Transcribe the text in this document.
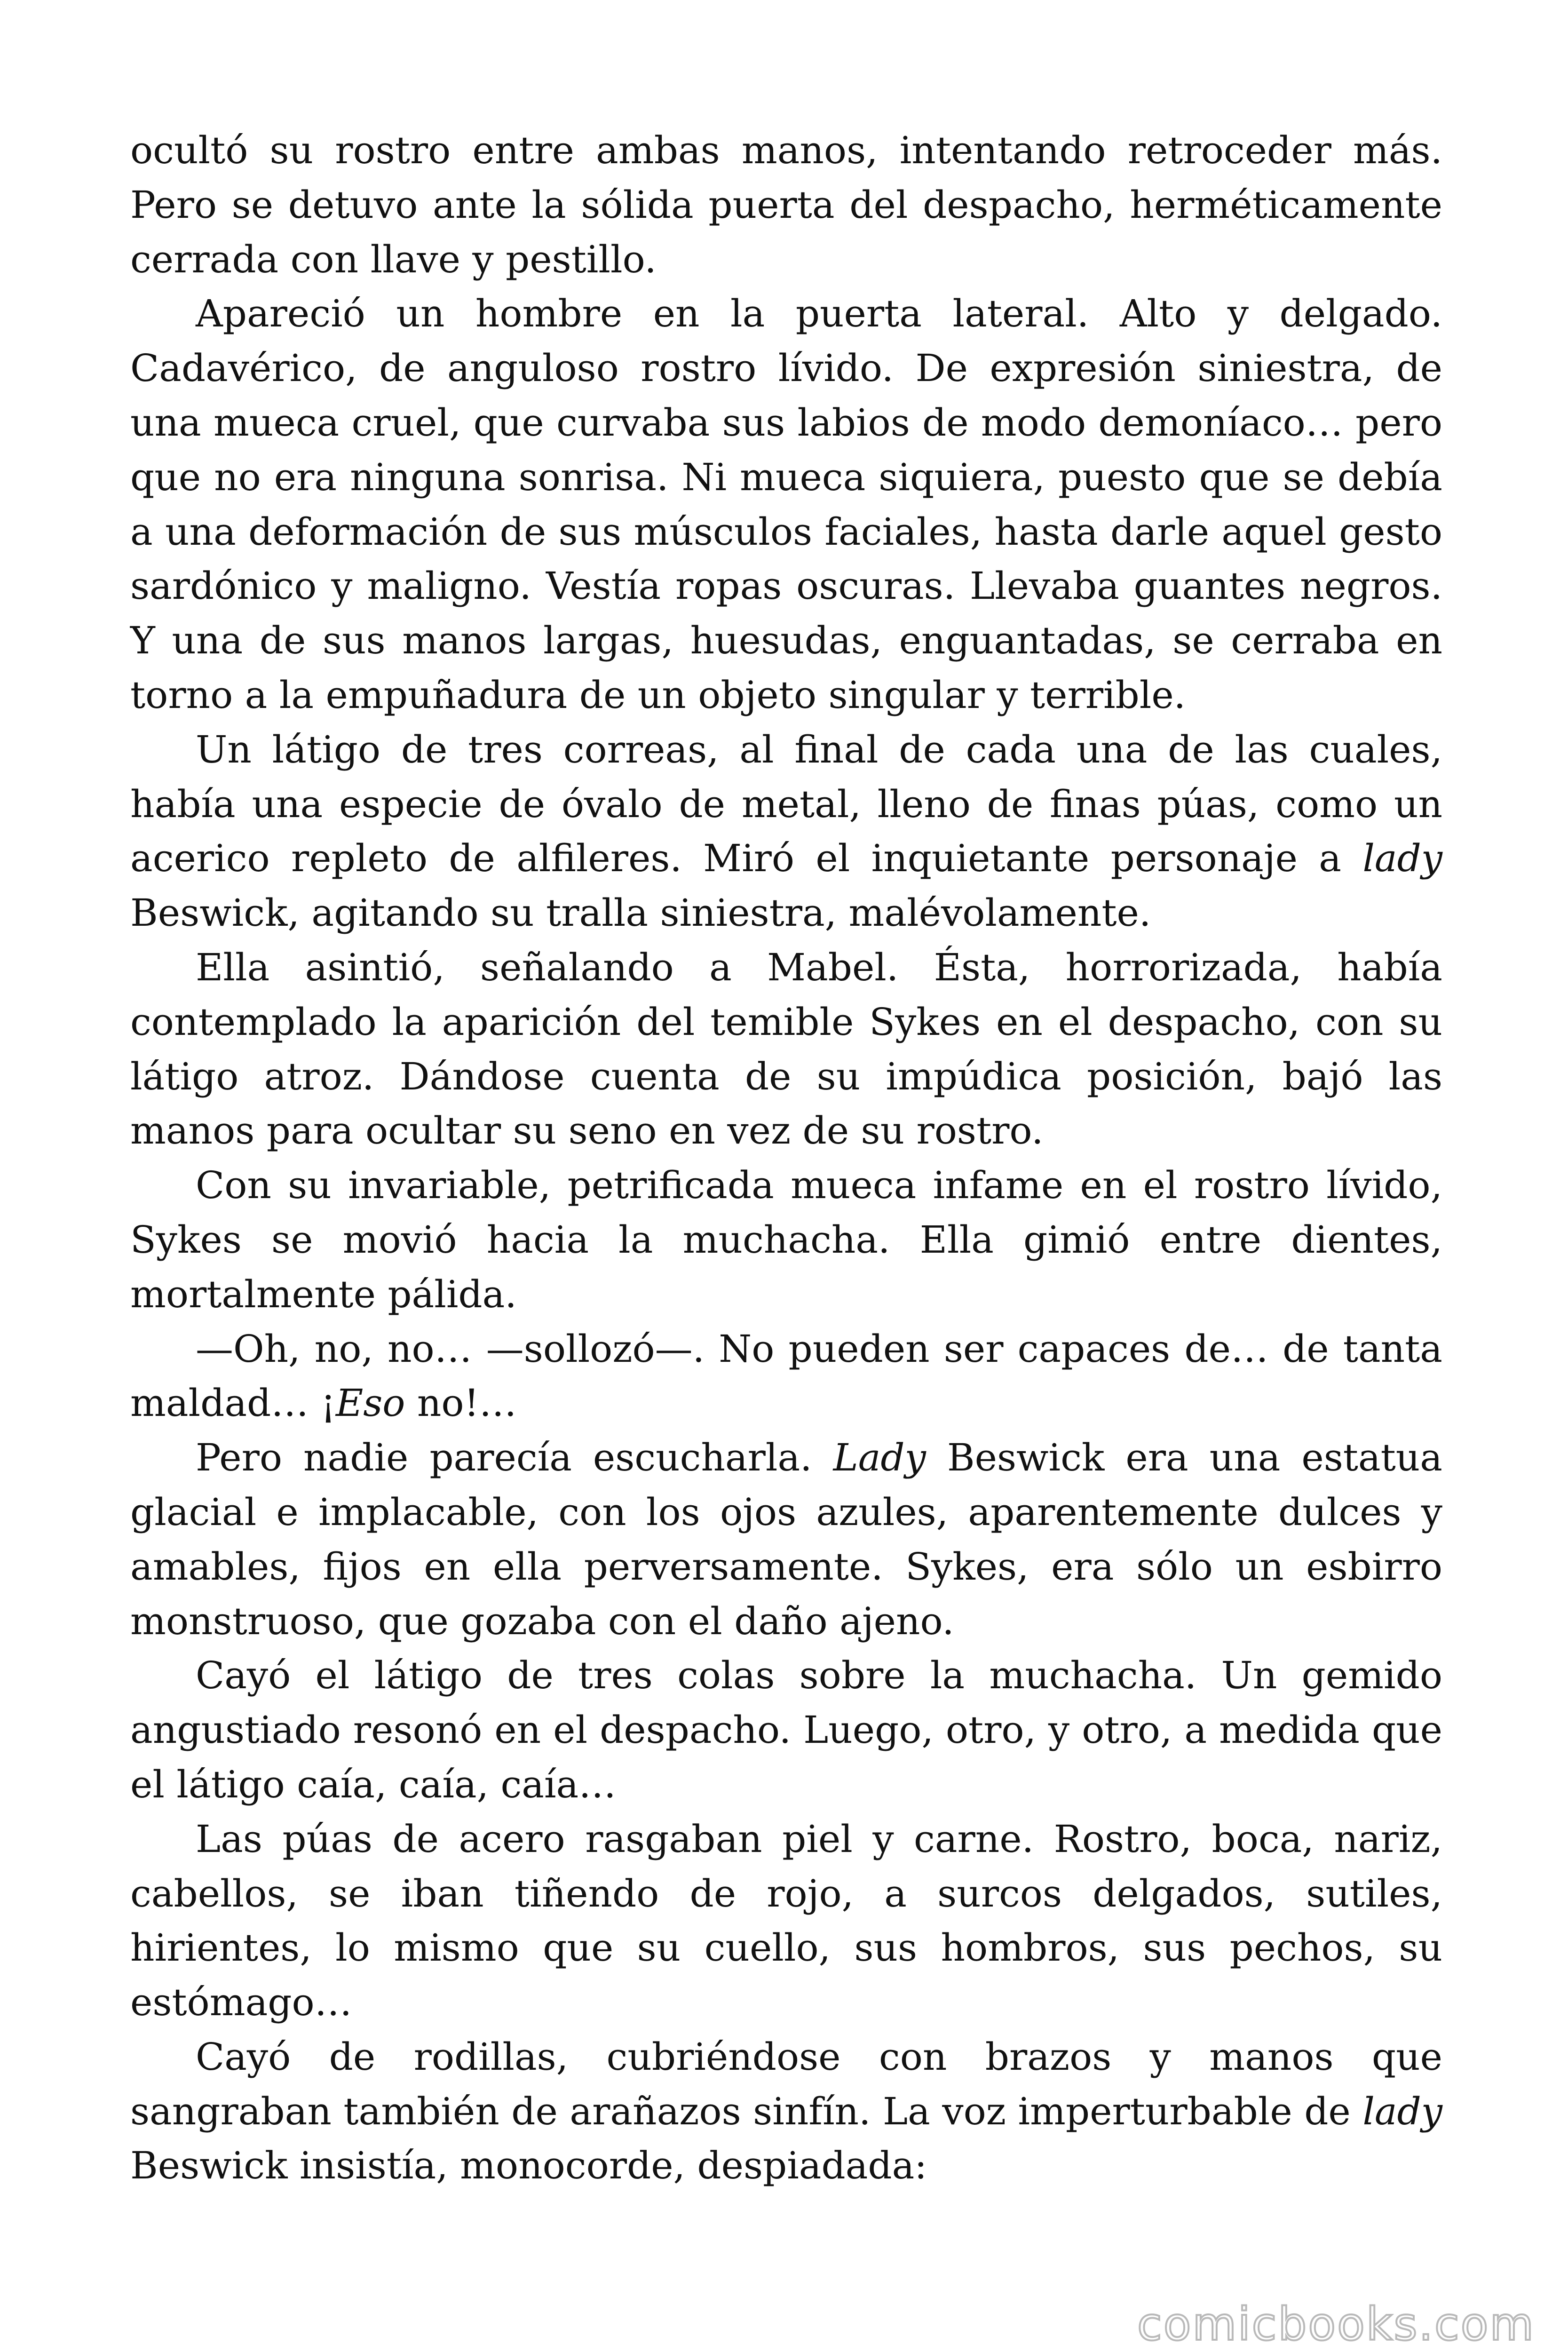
ocultó su rostro entre ambas manos, intentando retroceder más. Pero se detuvo ante la sólida puerta del despacho, herméticamente cerrada con llave y pestillo.

Apareció un hombre en la puerta lateral. Alto y delgado. Cadavérico, de anguloso rostro lívido. De expresión siniestra, de una mueca cruel, que curvaba sus labios de modo demoníaco… pero que no era ninguna sonrisa. Ni mueca siquiera, puesto que se debía a una deformación de sus músculos faciales, hasta darle aquel gesto sardónico y maligno. Vestía ropas oscuras. Llevaba guantes negros. Y una de sus manos largas, huesudas, enguantadas, se cerraba en torno a la empuñadura de un objeto singular y terrible.

Un látigo de tres correas, al final de cada una de las cuales, había una especie de óvalo de metal, lleno de finas púas, como un acerico repleto de alfileres. Miró el inquietante personaje a lady Beswick, agitando su tralla siniestra, malévolamente.

Ella asintió, señalando a Mabel. Ésta, horrorizada, había contemplado la aparición del temible Sykes en el despacho, con su látigo atroz. Dándose cuenta de su impúdica posición, bajó las manos para ocultar su seno en vez de su rostro.

Con su invariable, petrificada mueca infame en el rostro lívido, Sykes se movió hacia la muchacha. Ella gimió entre dientes, mortalmente pálida.

—Oh, no, no… —sollozó—. No pueden ser capaces de… de tanta maldad… ¡Eso no!…

Pero nadie parecía escucharla. Lady Beswick era una estatua glacial e implacable, con los ojos azules, aparentemente dulces y amables, fijos en ella perversamente. Sykes, era sólo un esbirro monstruoso, que gozaba con el daño ajeno.

Cayó el látigo de tres colas sobre la muchacha. Un gemido angustiado resonó en el despacho. Luego, otro, y otro, a medida que el látigo caía, caía, caía…

Las púas de acero rasgaban piel y carne. Rostro, boca, nariz, cabellos, se iban tiñendo de rojo, a surcos delgados, sutiles, hirientes, lo mismo que su cuello, sus hombros, sus pechos, su estómago…

Cayó de rodillas, cubriéndose con brazos y manos que sangraban también de arañazos sinfín. La voz imperturbable de lady Beswick insistía, monocorde, despiadada:

comicbooks.com
